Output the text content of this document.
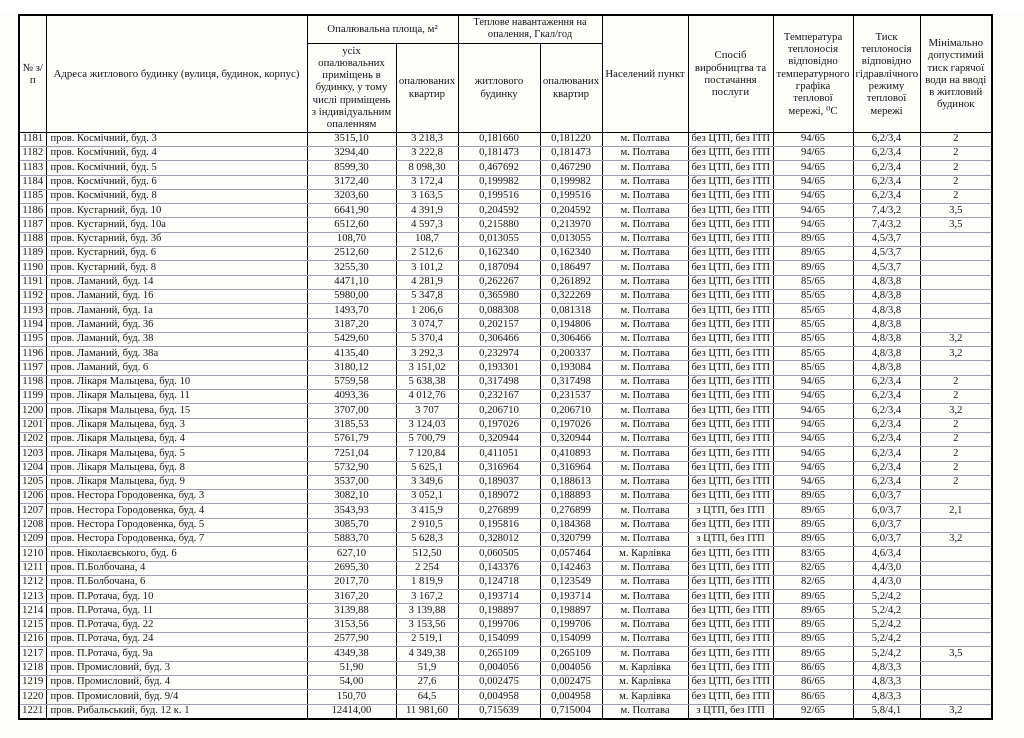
№ з/п	Адреса житлового будинку (вулиця, будинок, корпус)	Опалювальна площа, м²		Теплове навантаження на опалення, Гкал/год		Населений пункт	Спосіб виробництва та постачання послуги	Температура теплоносія відповідно температурного графіка теплової мережі, ⁰С	Тиск теплоносія відповідно гідравлічного режиму теплової мережі	Мінімально допустимий тиск гарячої води на вводі в житловий будинок
		усіх опалювальних приміщень в будинку, у тому числі приміщень з індивідуальним опаленням	опалюваних квартир	житлового будинку	опалюваних квартир					
1181	пров. Космічний, буд. 3	3515,10	3 218,3	0,181660	0,181220	м. Полтава	без ЦТП, без ІТП	94/65	6,2/3,4	2
1182	пров. Космічний, буд. 4	3294,40	3 222,8	0,181473	0,181473	м. Полтава	без ЦТП, без ІТП	94/65	6,2/3,4	2
1183	пров. Космічний, буд. 5	8599,30	8 098,30	0,467692	0,467290	м. Полтава	без ЦТП, без ІТП	94/65	6,2/3,4	2
1184	пров. Космічний, буд. 6	3172,40	3 172,4	0,199982	0,199982	м. Полтава	без ЦТП, без ІТП	94/65	6,2/3,4	2
1185	пров. Космічний, буд. 8	3203,60	3 163,5	0,199516	0,199516	м. Полтава	без ЦТП, без ІТП	94/65	6,2/3,4	2
1186	пров. Кустарний, буд. 10	6641,90	4 391,9	0,204592	0,204592	м. Полтава	без ЦТП, без ІТП	94/65	7,4/3,2	3,5
1187	пров. Кустарний, буд. 10а	6512,60	4 597,3	0,215880	0,213970	м. Полтава	без ЦТП, без ІТП	94/65	7,4/3,2	3,5
1188	пров. Кустарний, буд. 3б	108,70	108,7	0,013055	0,013055	м. Полтава	без ЦТП, без ІТП	89/65	4,5/3,7	
1189	пров. Кустарний, буд. 6	2512,60	2 512,6	0,162340	0,162340	м. Полтава	без ЦТП, без ІТП	89/65	4,5/3,7	
1190	пров. Кустарний, буд. 8	3255,30	3 101,2	0,187094	0,186497	м. Полтава	без ЦТП, без ІТП	89/65	4,5/3,7	
1191	пров. Ламаний, буд. 14	4471,10	4 281,9	0,262267	0,261892	м. Полтава	без ЦТП, без ІТП	85/65	4,8/3,8	
1192	пров. Ламаний, буд. 16	5980,00	5 347,8	0,365980	0,322269	м. Полтава	без ЦТП, без ІТП	85/65	4,8/3,8	
1193	пров. Ламаний, буд. 1а	1493,70	1 206,6	0,088308	0,081318	м. Полтава	без ЦТП, без ІТП	85/65	4,8/3,8	
1194	пров. Ламаний, буд. 36	3187,20	3 074,7	0,202157	0,194806	м. Полтава	без ЦТП, без ІТП	85/65	4,8/3,8	
1195	пров. Ламаний, буд. 38	5429,60	5 370,4	0,306466	0,306466	м. Полтава	без ЦТП, без ІТП	85/65	4,8/3,8	3,2
1196	пров. Ламаний, буд. 38а	4135,40	3 292,3	0,232974	0,200337	м. Полтава	без ЦТП, без ІТП	85/65	4,8/3,8	3,2
1197	пров. Ламаний, буд. 6	3180,12	3 151,02	0,193301	0,193084	м. Полтава	без ЦТП, без ІТП	85/65	4,8/3,8	
1198	пров. Лікаря Мальцева, буд. 10	5759,58	5 638,38	0,317498	0,317498	м. Полтава	без ЦТП, без ІТП	94/65	6,2/3,4	2
1199	пров. Лікаря Мальцева, буд. 11	4093,36	4 012,76	0,232167	0,231537	м. Полтава	без ЦТП, без ІТП	94/65	6,2/3,4	2
1200	пров. Лікаря Мальцева, буд. 15	3707,00	3 707	0,206710	0,206710	м. Полтава	без ЦТП, без ІТП	94/65	6,2/3,4	3,2
1201	пров. Лікаря Мальцева, буд. 3	3185,53	3 124,03	0,197026	0,197026	м. Полтава	без ЦТП, без ІТП	94/65	6,2/3,4	2
1202	пров. Лікаря Мальцева, буд. 4	5761,79	5 700,79	0,320944	0,320944	м. Полтава	без ЦТП, без ІТП	94/65	6,2/3,4	2
1203	пров. Лікаря Мальцева, буд. 5	7251,04	7 120,84	0,411051	0,410893	м. Полтава	без ЦТП, без ІТП	94/65	6,2/3,4	2
1204	пров. Лікаря Мальцева, буд. 8	5732,90	5 625,1	0,316964	0,316964	м. Полтава	без ЦТП, без ІТП	94/65	6,2/3,4	2
1205	пров. Лікаря Мальцева, буд. 9	3537,00	3 349,6	0,189037	0,188613	м. Полтава	без ЦТП, без ІТП	94/65	6,2/3,4	2
1206	пров. Нестора Городовенка, буд. 3	3082,10	3 052,1	0,189072	0,188893	м. Полтава	без ЦТП, без ІТП	89/65	6,0/3,7	
1207	пров. Нестора Городовенка, буд. 4	3543,93	3 415,9	0,276899	0,276899	м. Полтава	з ЦТП, без ІТП	89/65	6,0/3,7	2,1
1208	пров. Нестора Городовенка, буд. 5	3085,70	2 910,5	0,195816	0,184368	м. Полтава	без ЦТП, без ІТП	89/65	6,0/3,7	
1209	пров. Нестора Городовенка, буд. 7	5883,70	5 628,3	0,328012	0,320799	м. Полтава	з ЦТП, без ІТП	89/65	6,0/3,7	3,2
1210	пров. Ніколаєвського, буд. 6	627,10	512,50	0,060505	0,057464	м. Карлівка	без ЦТП, без ІТП	83/65	4,6/3,4	
1211	пров. П.Болбочана, 4	2695,30	2 254	0,143376	0,142463	м. Полтава	без ЦТП, без ІТП	82/65	4,4/3,0	
1212	пров. П.Болбочана, 6	2017,70	1 819,9	0,124718	0,123549	м. Полтава	без ЦТП, без ІТП	82/65	4,4/3,0	
1213	пров. П.Ротача, буд. 10	3167,20	3 167,2	0,193714	0,193714	м. Полтава	без ЦТП, без ІТП	89/65	5,2/4,2	
1214	пров. П.Ротача, буд. 11	3139,88	3 139,88	0,198897	0,198897	м. Полтава	без ЦТП, без ІТП	89/65	5,2/4,2	
1215	пров. П.Ротача, буд. 22	3153,56	3 153,56	0,199706	0,199706	м. Полтава	без ЦТП, без ІТП	89/65	5,2/4,2	
1216	пров. П.Ротача, буд. 24	2577,90	2 519,1	0,154099	0,154099	м. Полтава	без ЦТП, без ІТП	89/65	5,2/4,2	
1217	пров. П.Ротача, буд. 9а	4349,38	4 349,38	0,265109	0,265109	м. Полтава	без ЦТП, без ІТП	89/65	5,2/4,2	3,5
1218	пров. Промисловий, буд. 3	51,90	51,9	0,004056	0,004056	м. Карлівка	без ЦТП, без ІТП	86/65	4,8/3,3	
1219	пров. Промисловий, буд. 4	54,00	27,6	0,002475	0,002475	м. Карлівка	без ЦТП, без ІТП	86/65	4,8/3,3	
1220	пров. Промисловий, буд. 9/4	150,70	64,5	0,004958	0,004958	м. Карлівка	без ЦТП, без ІТП	86/65	4,8/3,3	
1221	пров. Рибальський, буд. 12 к. 1	12414,00	11 981,60	0,715639	0,715004	м. Полтава	з ЦТП, без ІТП	92/65	5,8/4,1	3,2
